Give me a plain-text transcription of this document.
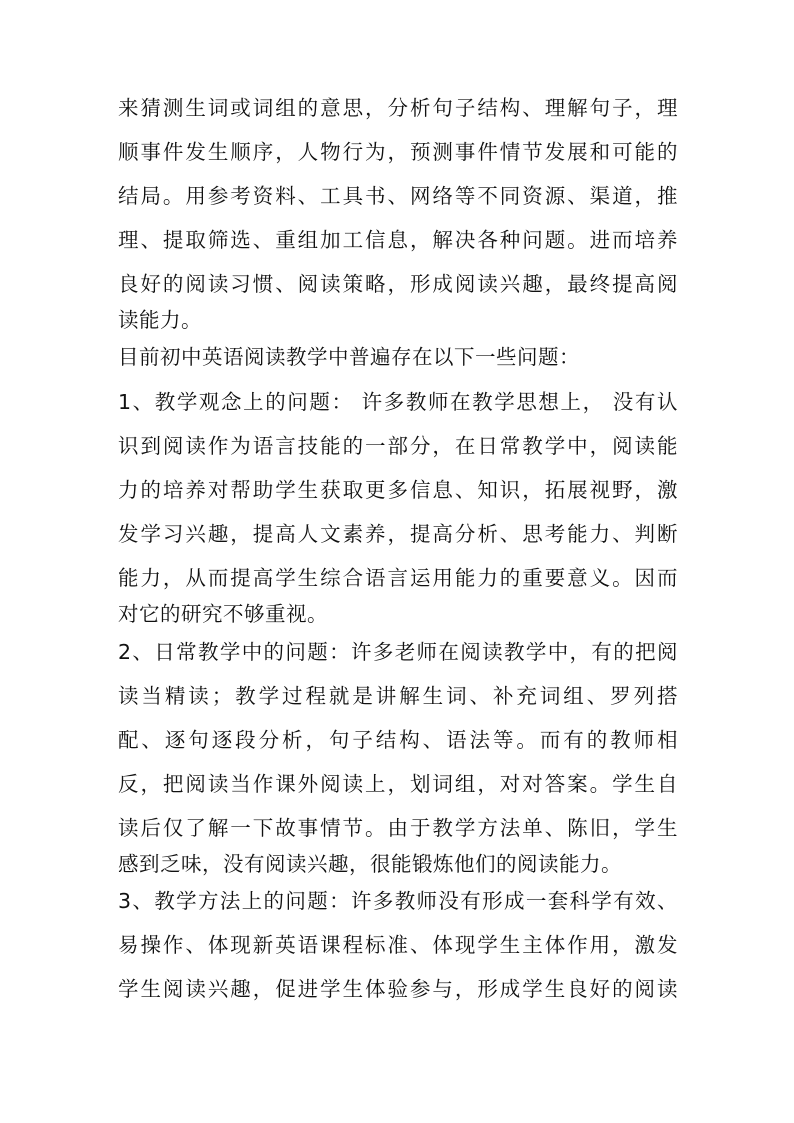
来猜测生词或词组的意思，分析句子结构、理解句子，理
顺事件发生顺序，人物行为，预测事件情节发展和可能的
结局。用参考资料、工具书、网络等不同资源、渠道，推
理、提取筛选、重组加工信息，解决各种问题。进而培养
良好的阅读习惯、阅读策略，形成阅读兴趣，最终提高阅
读能力。
目前初中英语阅读教学中普遍存在以下一些问题：
1、教学观念上的问题： 许多教师在教学思想上， 没有认
识到阅读作为语言技能的一部分，在日常教学中，阅读能
力的培养对帮助学生获取更多信息、知识，拓展视野，激
发学习兴趣，提高人文素养，提高分析、思考能力、判断
能力，从而提高学生综合语言运用能力的重要意义。因而
对它的研究不够重视。
2、日常教学中的问题：许多老师在阅读教学中，有的把阅
读当精读；教学过程就是讲解生词、补充词组、罗列搭
配、逐句逐段分析，句子结构、语法等。而有的教师相
反，把阅读当作课外阅读上，划词组，对对答案。学生自
读后仅了解一下故事情节。由于教学方法单、陈旧，学生
感到乏味，没有阅读兴趣，很能锻炼他们的阅读能力。
3、教学方法上的问题：许多教师没有形成一套科学有效、
易操作、体现新英语课程标准、体现学生主体作用，激发
学生阅读兴趣，促进学生体验参与，形成学生良好的阅读
